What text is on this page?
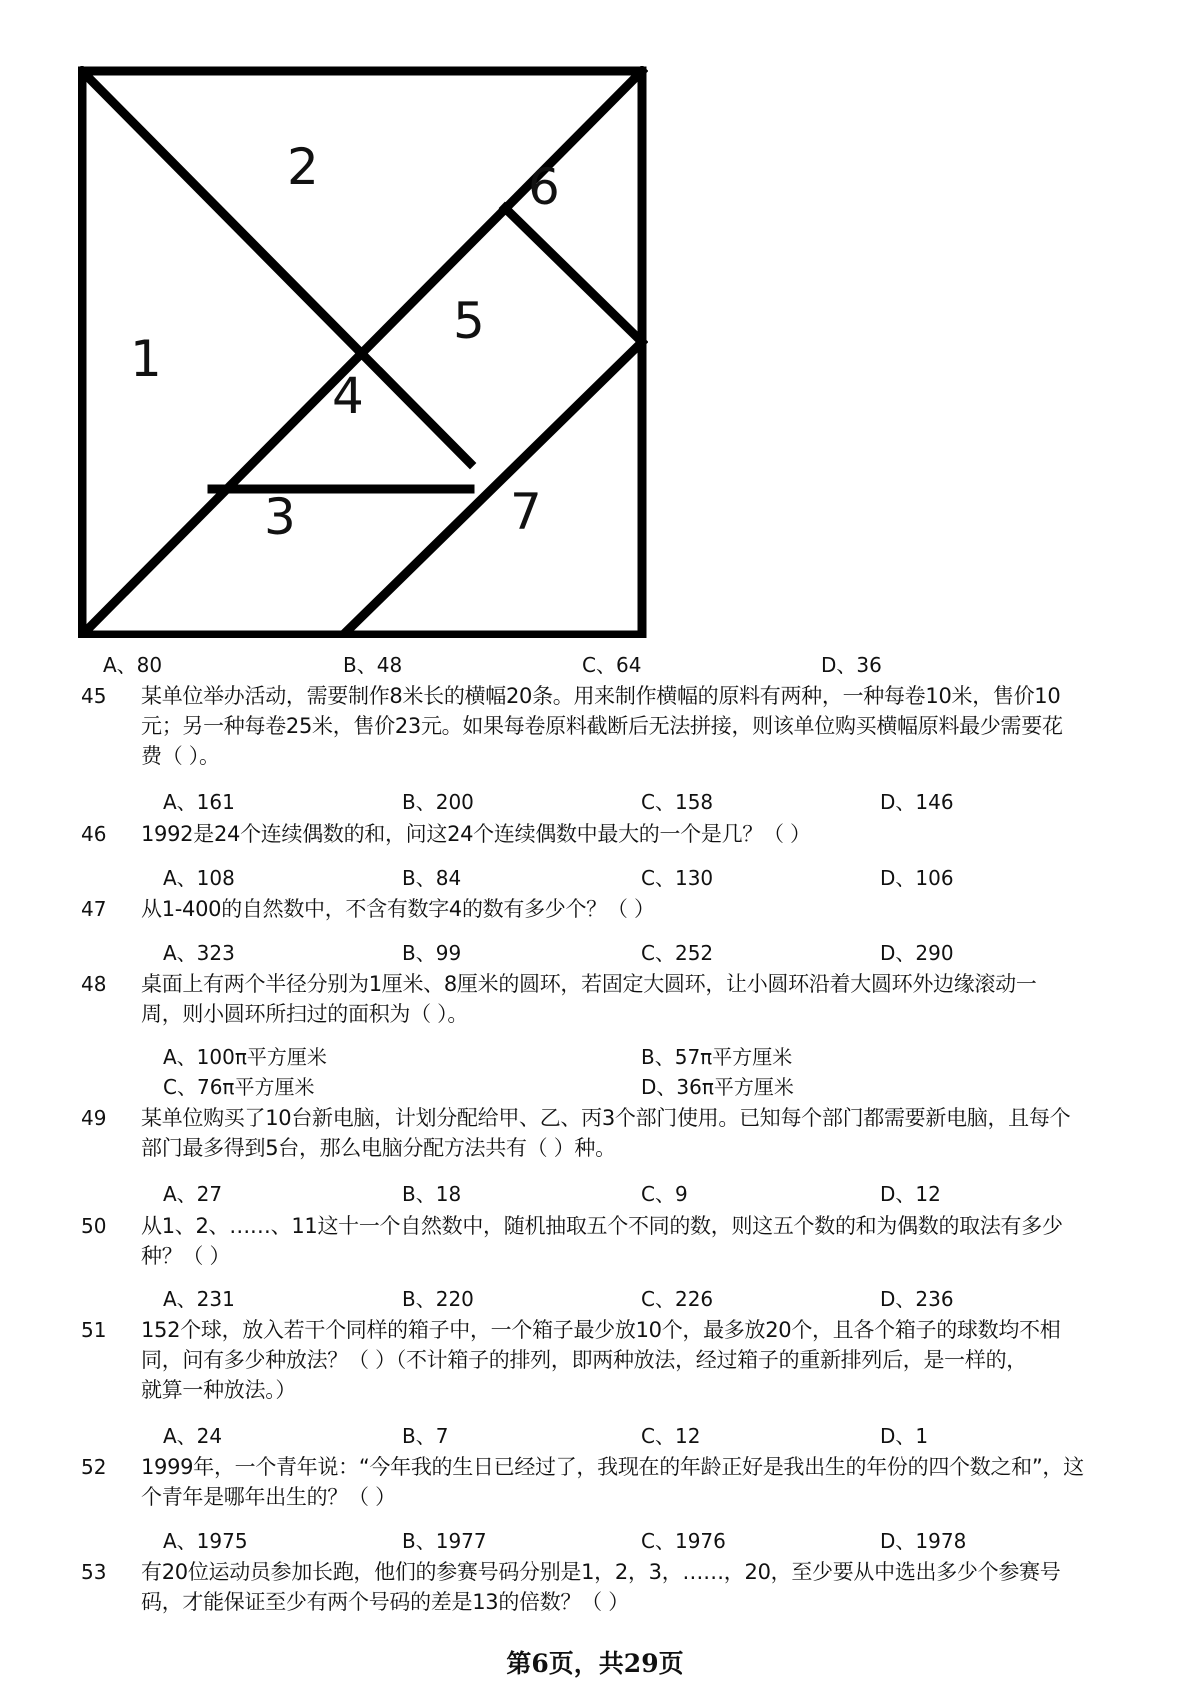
1
2
3
4
5
6
7
A、80	B、48	C、64	D、36
45 某单位举办活动，需要制作8米长的横幅20条。用来制作横幅的原料有两种，一种每卷10米，售价10
元；另一种每卷25米，售价23元。如果每卷原料截断后无法拼接，则该单位购买横幅原料最少需要花
费（ ）。
A、161	B、200	C、158	D、146
46 1992是24个连续偶数的和，问这24个连续偶数中最大的一个是几？（ ）
A、108	B、84	C、130	D、106
47 从1-400的自然数中，不含有数字4的数有多少个？（ ）
A、323	B、99	C、252	D、290
48 桌面上有两个半径分别为1厘米、8厘米的圆环，若固定大圆环，让小圆环沿着大圆环外边缘滚动一
周，则小圆环所扫过的面积为（ ）。
A、100π平方厘米	B、57π平方厘米
C、76π平方厘米	D、36π平方厘米
49 某单位购买了10台新电脑，计划分配给甲、乙、丙3个部门使用。已知每个部门都需要新电脑，且每个
部门最多得到5台，那么电脑分配方法共有（ ）种。
A、27	B、18	C、9	D、12
50 从1、2、……、11这十一个自然数中，随机抽取五个不同的数，则这五个数的和为偶数的取法有多少
种？（ ）
A、231	B、220	C、226	D、236
51 152个球，放入若干个同样的箱子中，一个箱子最少放10个，最多放20个，且各个箱子的球数均不相
同，问有多少种放法？（ ）（不计箱子的排列，即两种放法，经过箱子的重新排列后，是一样的，
就算一种放法。）
A、24	B、7	C、12	D、1
52 1999年，一个青年说：“今年我的生日已经过了，我现在的年龄正好是我出生的年份的四个数之和”，这
个青年是哪年出生的？（ ）
A、1975	B、1977	C、1976	D、1978
53 有20位运动员参加长跑，他们的参赛号码分别是1，2，3，……，20，至少要从中选出多少个参赛号
码，才能保证至少有两个号码的差是13的倍数？（ ）
第6页，共29页
